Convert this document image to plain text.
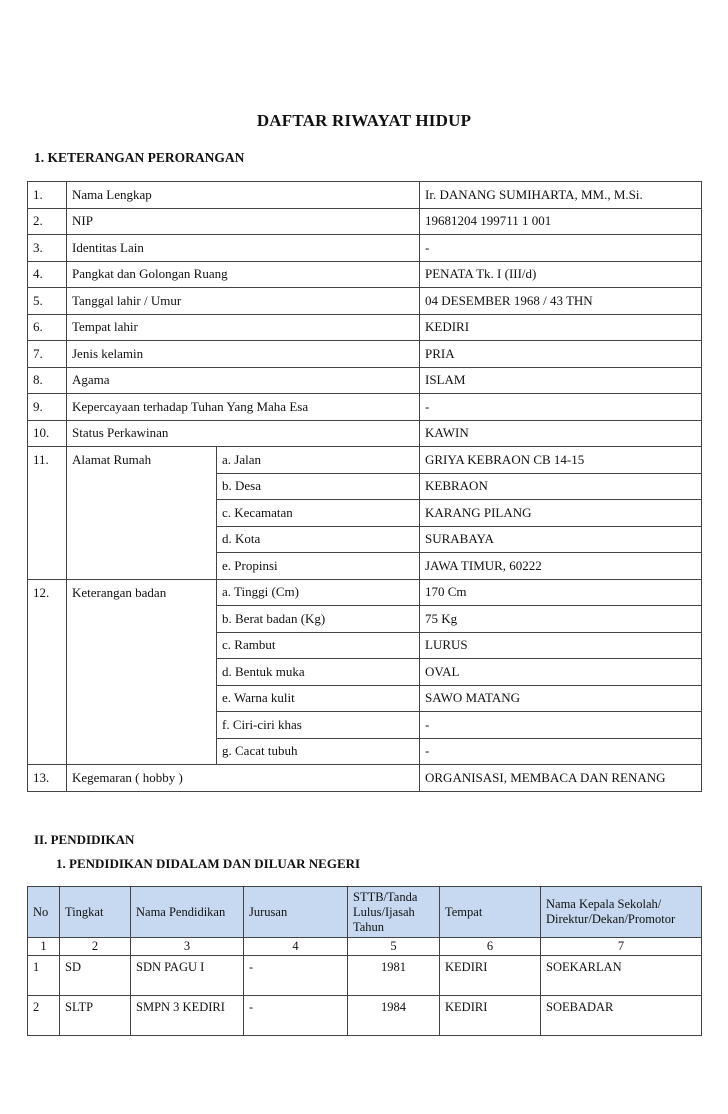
DAFTAR RIWAYAT HIDUP
1. KETERANGAN PERORANGAN
1.	Nama Lengkap		Ir. DANANG SUMIHARTA, MM., M.Si.
2.	NIP		19681204 199711 1 001
3.	Identitas Lain		-
4.	Pangkat dan Golongan Ruang		PENATA Tk. I (III/d)
5.	Tanggal lahir / Umur		04 DESEMBER 1968 / 43 THN
6.	Tempat lahir		KEDIRI
7.	Jenis kelamin		PRIA
8.	Agama		ISLAM
9.	Kepercayaan terhadap Tuhan Yang Maha Esa		-
10.	Status Perkawinan		KAWIN
11.	Alamat Rumah	a. Jalan	GRIYA KEBRAON CB 14-15
		b. Desa	KEBRAON
		c. Kecamatan	KARANG PILANG
		d. Kota	SURABAYA
		e. Propinsi	JAWA TIMUR, 60222
12.	Keterangan badan	a. Tinggi (Cm)	170 Cm
		b. Berat badan (Kg)	75 Kg
		c. Rambut	LURUS
		d. Bentuk muka	OVAL
		e. Warna kulit	SAWO MATANG
		f. Ciri-ciri khas	-
		g. Cacat tubuh	-
13.	Kegemaran ( hobby )		ORGANISASI, MEMBACA DAN RENANG
II. PENDIDIKAN
1. PENDIDIKAN DIDALAM DAN DILUAR NEGERI
No	Tingkat	Nama Pendidikan	Jurusan	STTB/Tanda Lulus/Ijasah Tahun	Tempat	Nama Kepala Sekolah/ Direktur/Dekan/Promotor
1	2	3	4	5	6	7
1	SD	SDN PAGU I	-	1981	KEDIRI	SOEKARLAN
2	SLTP	SMPN 3 KEDIRI	-	1984	KEDIRI	SOEBADAR
